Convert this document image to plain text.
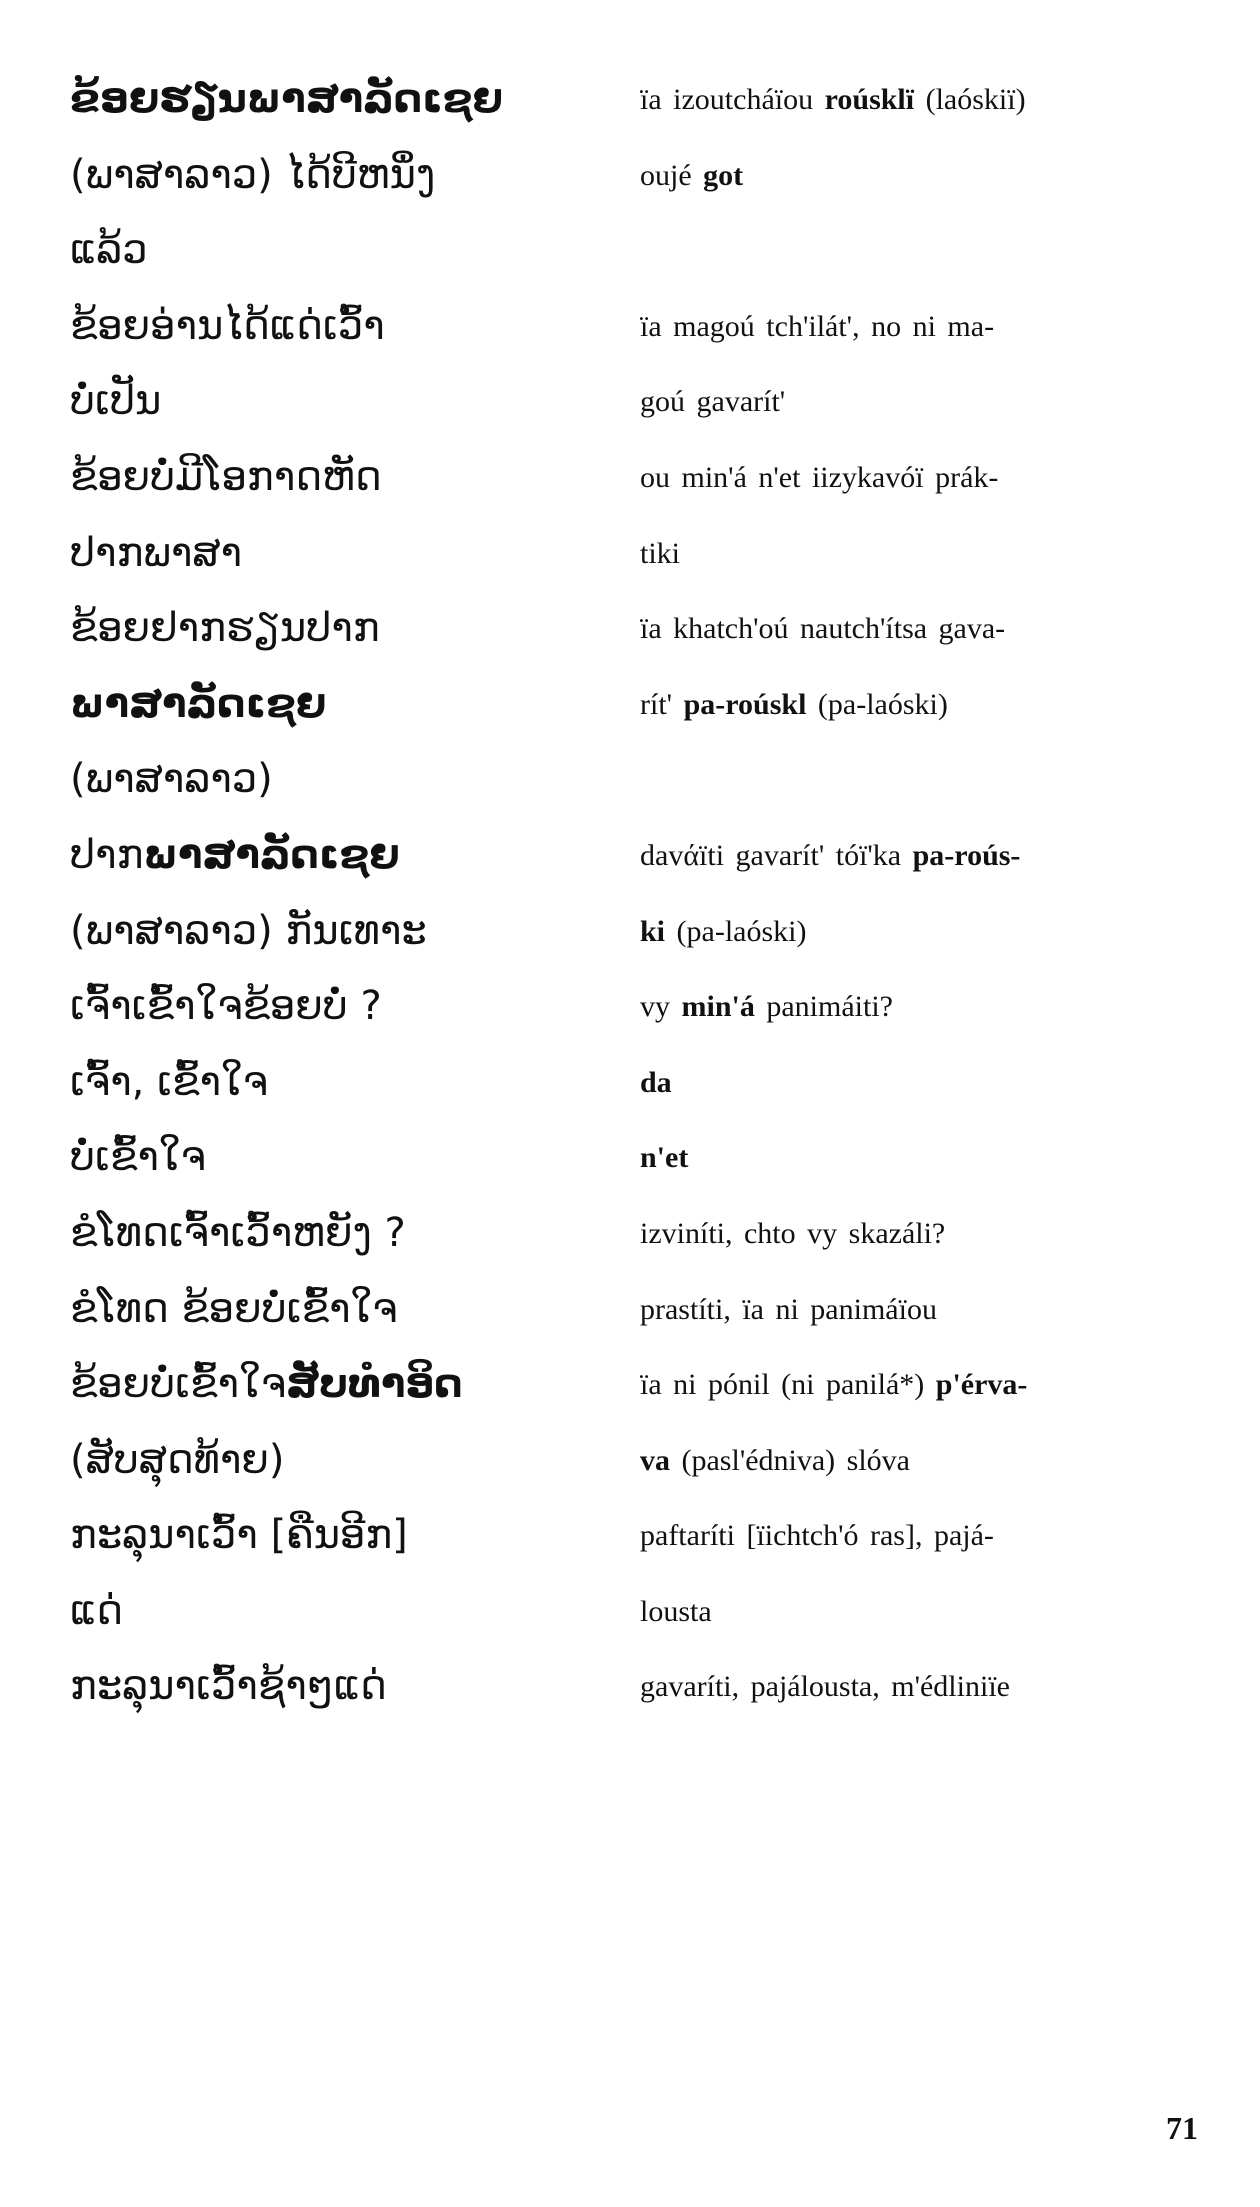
ຂ້ອຍຮຽນພາສາລັດເຊຍ	ïa izoutcháïou roúsklï (laóskiï)
(ພາສາລາວ) ໄດ້ບີຫນຶ່ງ	oujé got
ແລ້ວ
ຂ້ອຍອ່ານໄດ້ແດ່ເວົ້າ	ïa magoú tch'ilát', no ni ma-
ບໍ່ເປັນ	goú gavarít'
ຂ້ອຍບໍ່ມີໂອກາດຫັດ	ou min'á n'et iizykavóï prák-
ປາກພາສາ	tiki
ຂ້ອຍຢາກຮຽນປາກ	ïa khatch'oú nautch'ítsa gava-
ພາສາລັດເຊຍ	rít' pa-roúskl (pa-laóski)
(ພາສາລາວ)
ປາກພາສາລັດເຊຍ	davάïti gavarít' tóï'ka pa-roús-
(ພາສາລາວ) ກັນເທາະ	ki (pa-laóski)
ເຈົ້າເຂົ້າໃຈຂ້ອຍບໍ່ ?	vy min'á panimáiti?
ເຈົ້າ, ເຂົ້າໃຈ	da
ບໍ່ເຂົ້າໃຈ	n'et
ຂໍໂທດເຈົ້າເວົ້າຫຍັງ ?	izviníti, chto vy skazáli?
ຂໍໂທດ ຂ້ອຍບໍ່ເຂົ້າໃຈ	prastíti, ïa ni panimáïou
ຂ້ອຍບໍ່ເຂົ້າໃຈສັບທໍາອິດ	ïa ni pónil (ni panilá*) p'érva-
(ສັບສຸດທ້າຍ)	va (pasl'édniva) slóva
ກະລຸນາເວົ້າ [ຄືນອີກ]	paftaríti [ïichtch'ó ras], pajá-
ແດ່	lousta
ກະລຸນາເວົ້າຊ້າໆແດ່	gavaríti, pajálousta, m'édliniïe
71
